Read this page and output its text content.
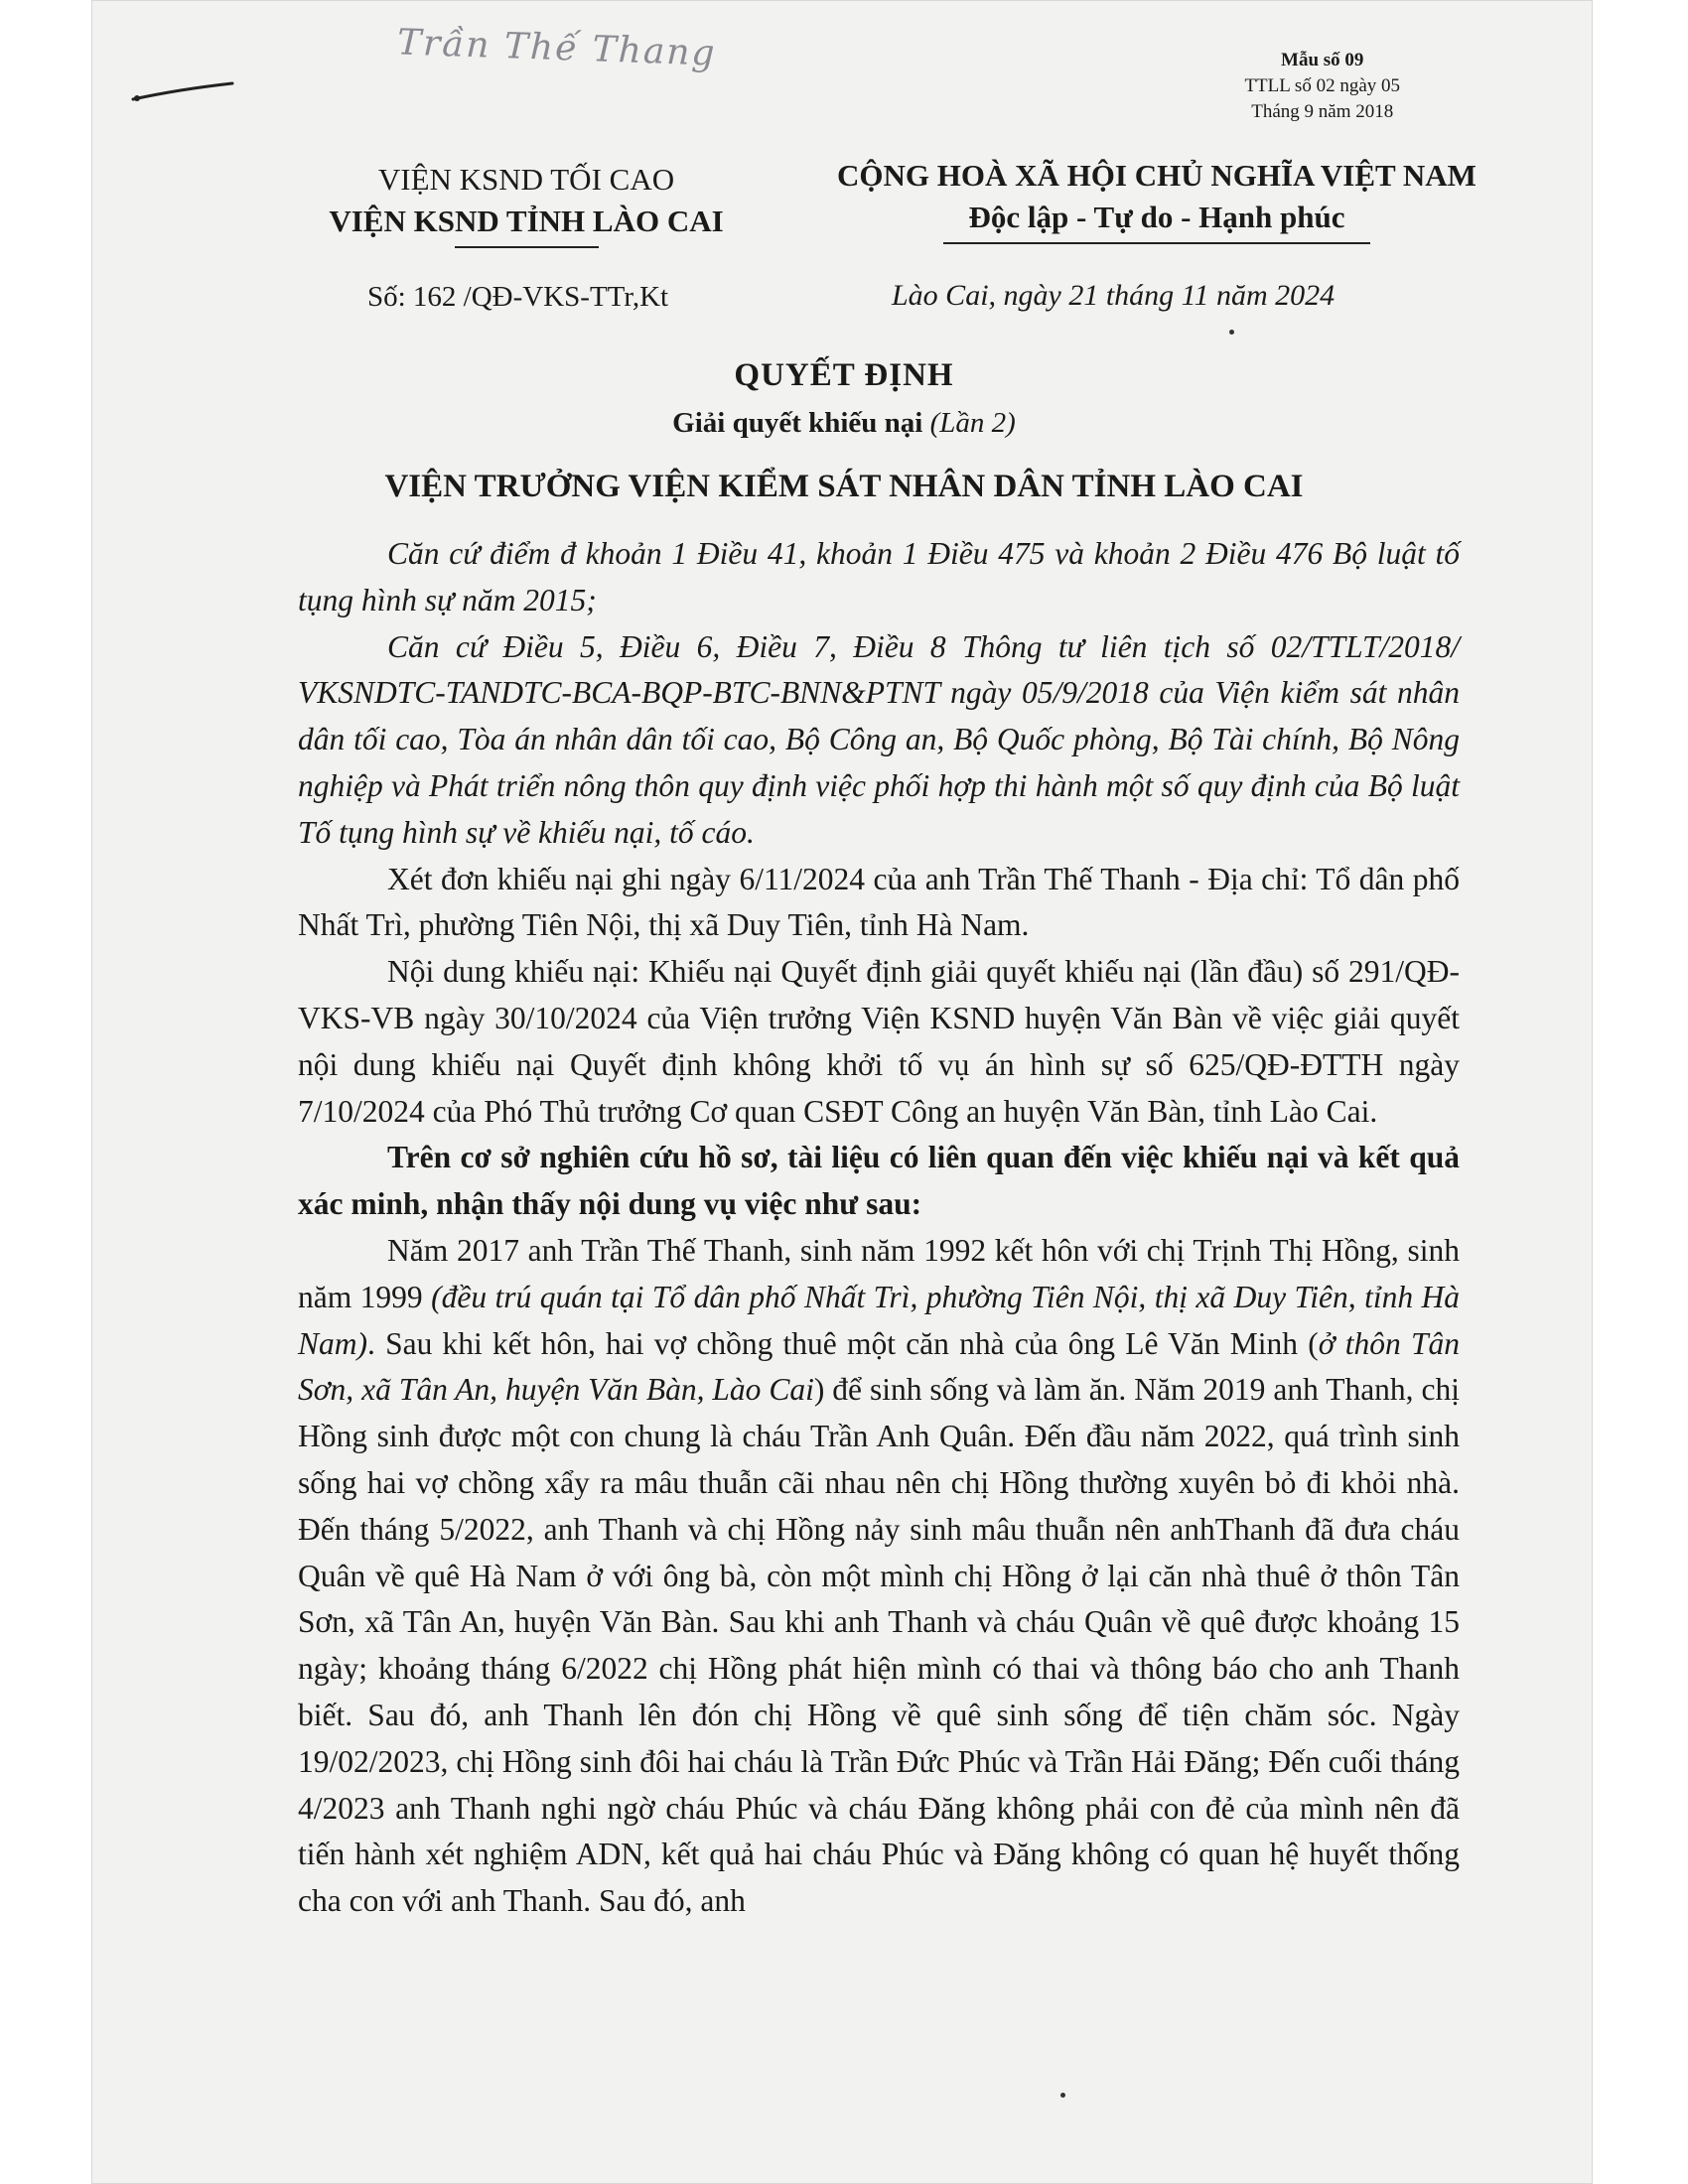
Trần Thế Thang	Mẫu số 09
TTLL số 02 ngày 05
Tháng 9 năm 2018
VIỆN KSND TỐI CAO
VIỆN KSND TỈNH LÀO CAI
CỘNG HOÀ XÃ HỘI CHỦ NGHĨA VIỆT NAM
Độc lập - Tự do - Hạnh phúc
Số: 162 /QĐ-VKS-TTr,Kt	Lào Cai, ngày 21 tháng 11 năm 2024
QUYẾT ĐỊNH
Giải quyết khiếu nại (Lần 2)
VIỆN TRƯỞNG VIỆN KIỂM SÁT NHÂN DÂN TỈNH LÀO CAI

Căn cứ điểm đ khoản 1 Điều 41, khoản 1 Điều 475 và khoản 2 Điều 476 Bộ luật tố tụng hình sự năm 2015;

Căn cứ Điều 5, Điều 6, Điều 7, Điều 8 Thông tư liên tịch số 02/TTLT/2018/ VKSNDTC-TANDTC-BCA-BQP-BTC-BNN&PTNT ngày 05/9/2018 của Viện kiểm sát nhân dân tối cao, Tòa án nhân dân tối cao, Bộ Công an, Bộ Quốc phòng, Bộ Tài chính, Bộ Nông nghiệp và Phát triển nông thôn quy định việc phối hợp thi hành một số quy định của Bộ luật Tố tụng hình sự về khiếu nại, tố cáo.

Xét đơn khiếu nại ghi ngày 6/11/2024 của anh Trần Thế Thanh - Địa chỉ: Tổ dân phố Nhất Trì, phường Tiên Nội, thị xã Duy Tiên, tỉnh Hà Nam.

Nội dung khiếu nại: Khiếu nại Quyết định giải quyết khiếu nại (lần đầu) số 291/QĐ-VKS-VB ngày 30/10/2024 của Viện trưởng Viện KSND huyện Văn Bàn về việc giải quyết nội dung khiếu nại Quyết định không khởi tố vụ án hình sự số 625/QĐ-ĐTTH ngày 7/10/2024 của Phó Thủ trưởng Cơ quan CSĐT Công an huyện Văn Bàn, tỉnh Lào Cai.

Trên cơ sở nghiên cứu hồ sơ, tài liệu có liên quan đến việc khiếu nại và kết quả xác minh, nhận thấy nội dung vụ việc như sau:

Năm 2017 anh Trần Thế Thanh, sinh năm 1992 kết hôn với chị Trịnh Thị Hồng, sinh năm 1999 (đều trú quán tại Tổ dân phố Nhất Trì, phường Tiên Nội, thị xã Duy Tiên, tỉnh Hà Nam). Sau khi kết hôn, hai vợ chồng thuê một căn nhà của ông Lê Văn Minh (ở thôn Tân Sơn, xã Tân An, huyện Văn Bàn, Lào Cai) để sinh sống và làm ăn. Năm 2019 anh Thanh, chị Hồng sinh được một con chung là cháu Trần Anh Quân. Đến đầu năm 2022, quá trình sinh sống hai vợ chồng xẩy ra mâu thuẫn cãi nhau nên chị Hồng thường xuyên bỏ đi khỏi nhà. Đến tháng 5/2022, anh Thanh và chị Hồng nảy sinh mâu thuẫn nên anhThanh đã đưa cháu Quân về quê Hà Nam ở với ông bà, còn một mình chị Hồng ở lại căn nhà thuê ở thôn Tân Sơn, xã Tân An, huyện Văn Bàn. Sau khi anh Thanh và cháu Quân về quê được khoảng 15 ngày; khoảng tháng 6/2022 chị Hồng phát hiện mình có thai và thông báo cho anh Thanh biết. Sau đó, anh Thanh lên đón chị Hồng về quê sinh sống để tiện chăm sóc. Ngày 19/02/2023, chị Hồng sinh đôi hai cháu là Trần Đức Phúc và Trần Hải Đăng; Đến cuối tháng 4/2023 anh Thanh nghi ngờ cháu Phúc và cháu Đăng không phải con đẻ của mình nên đã tiến hành xét nghiệm ADN, kết quả hai cháu Phúc và Đăng không có quan hệ huyết thống cha con với anh Thanh. Sau đó, anh
